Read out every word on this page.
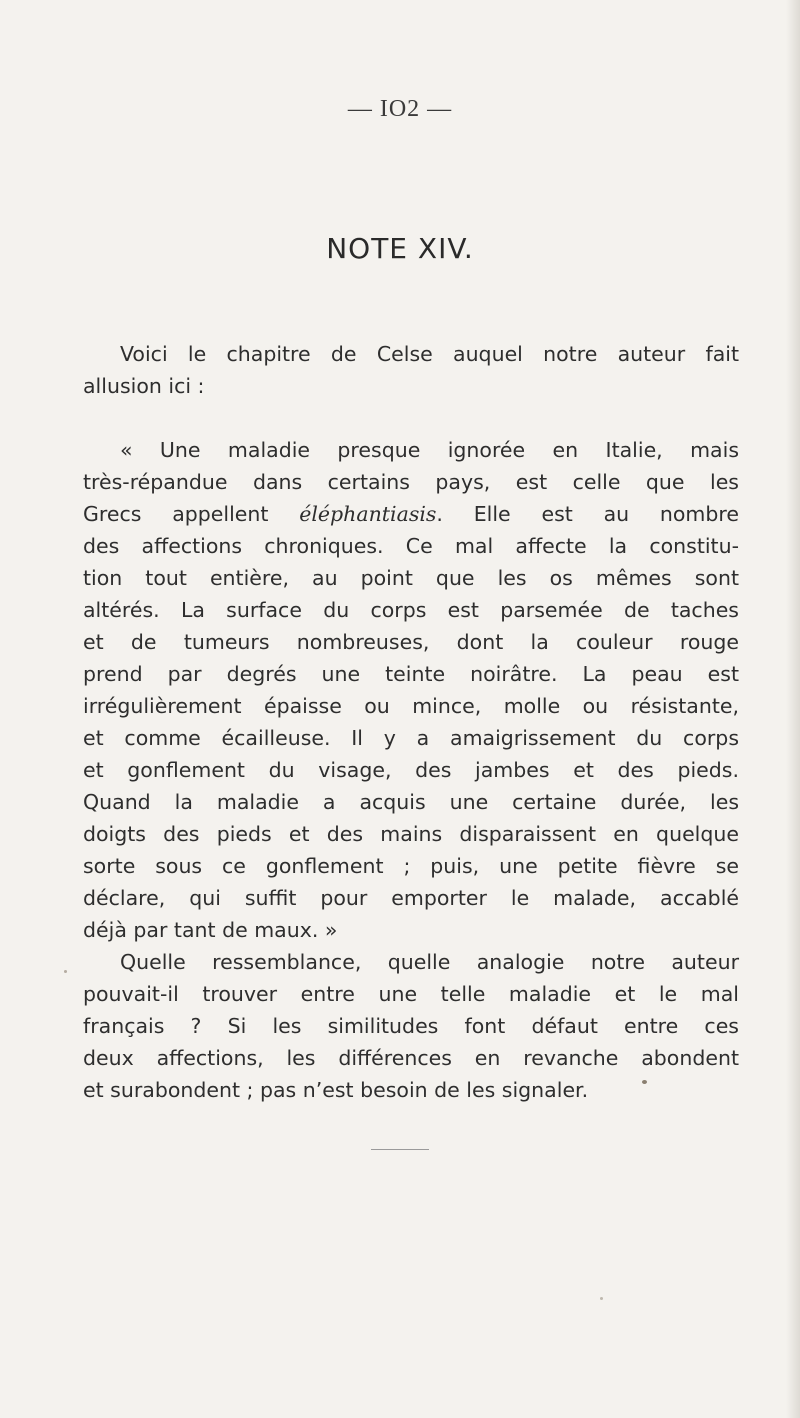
— IO2 —
NOTE XIV.
Voici le chapitre de Celse auquel notre auteur fait
allusion ici :
« Une maladie presque ignorée en Italie, mais
très-répandue dans certains pays, est celle que les
Grecs appellent éléphantiasis. Elle est au nombre
des affections chroniques. Ce mal affecte la constitu-
tion tout entière, au point que les os mêmes sont
altérés. La surface du corps est parsemée de taches
et de tumeurs nombreuses, dont la couleur rouge
prend par degrés une teinte noirâtre. La peau est
irrégulièrement épaisse ou mince, molle ou résistante,
et comme écailleuse. Il y a amaigrissement du corps
et gonflement du visage, des jambes et des pieds.
Quand la maladie a acquis une certaine durée, les
doigts des pieds et des mains disparaissent en quelque
sorte sous ce gonflement ; puis, une petite fièvre se
déclare, qui suffit pour emporter le malade, accablé
déjà par tant de maux. »
Quelle ressemblance, quelle analogie notre auteur
pouvait-il trouver entre une telle maladie et le mal
français ? Si les similitudes font défaut entre ces
deux affections, les différences en revanche abondent
et surabondent ; pas n’est besoin de les signaler.
